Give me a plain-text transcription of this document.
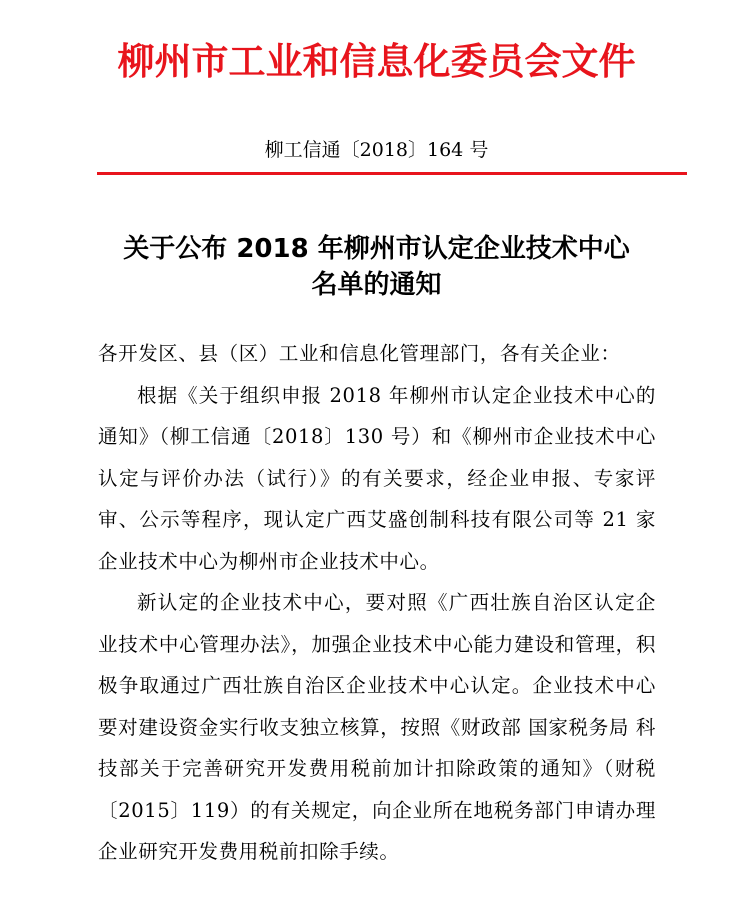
柳州市工业和信息化委员会文件
柳工信通〔2018〕164 号
关于公布 2018 年柳州市认定企业技术中心
名单的通知

各开发区、县（区）工业和信息化管理部门，各有关企业：

根据《关于组织申报 2018 年柳州市认定企业技术中心的通知》（柳工信通〔2018〕130 号）和《柳州市企业技术中心认定与评价办法（试行）》的有关要求，经企业申报、专家评审、公示等程序，现认定广西艾盛创制科技有限公司等 21 家企业技术中心为柳州市企业技术中心。

新认定的企业技术中心，要对照《广西壮族自治区认定企业技术中心管理办法》，加强企业技术中心能力建设和管理，积极争取通过广西壮族自治区企业技术中心认定。企业技术中心要对建设资金实行收支独立核算，按照《财政部 国家税务局 科技部关于完善研究开发费用税前加计扣除政策的通知》（财税〔2015〕119）的有关规定，向企业所在地税务部门申请办理企业研究开发费用税前扣除手续。
